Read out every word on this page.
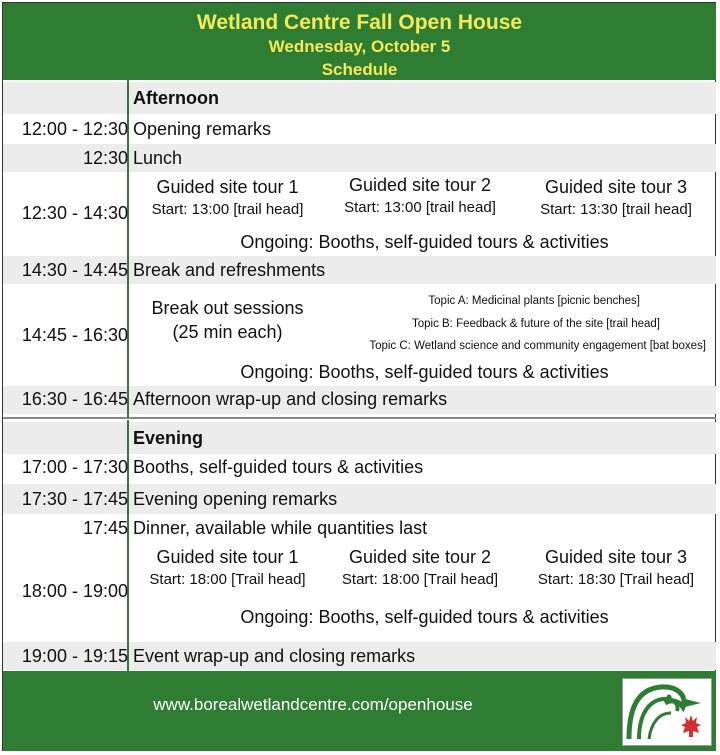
Wetland Centre Fall Open House
Wednesday, October 5
Schedule
Afternoon
12:00 - 12:30 Opening remarks
12:30 Lunch
12:30 - 14:30
Guided site tour 1
Start: 13:00 [trail head]
Guided site tour 2
Start: 13:00 [trail head]
Guided site tour 3
Start: 13:30 [trail head]
Ongoing: Booths, self-guided tours & activities
14:30 - 14:45 Break and refreshments
14:45 - 16:30
Break out sessions
(25 min each)
Topic A: Medicinal plants [picnic benches]
Topic B: Feedback & future of the site [trail head]
Topic C: Wetland science and community engagement [bat boxes]
Ongoing: Booths, self-guided tours & activities
16:30 - 16:45 Afternoon wrap-up and closing remarks
Evening
17:00 - 17:30 Booths, self-guided tours & activities
17:30 - 17:45 Evening opening remarks
17:45 Dinner, available while quantities last
18:00 - 19:00
Guided site tour 1
Start: 18:00 [Trail head]
Guided site tour 2
Start: 18:00 [Trail head]
Guided site tour 3
Start: 18:30 [Trail head]
Ongoing: Booths, self-guided tours & activities
19:00 - 19:15 Event wrap-up and closing remarks
www.borealwetlandcentre.com/openhouse
